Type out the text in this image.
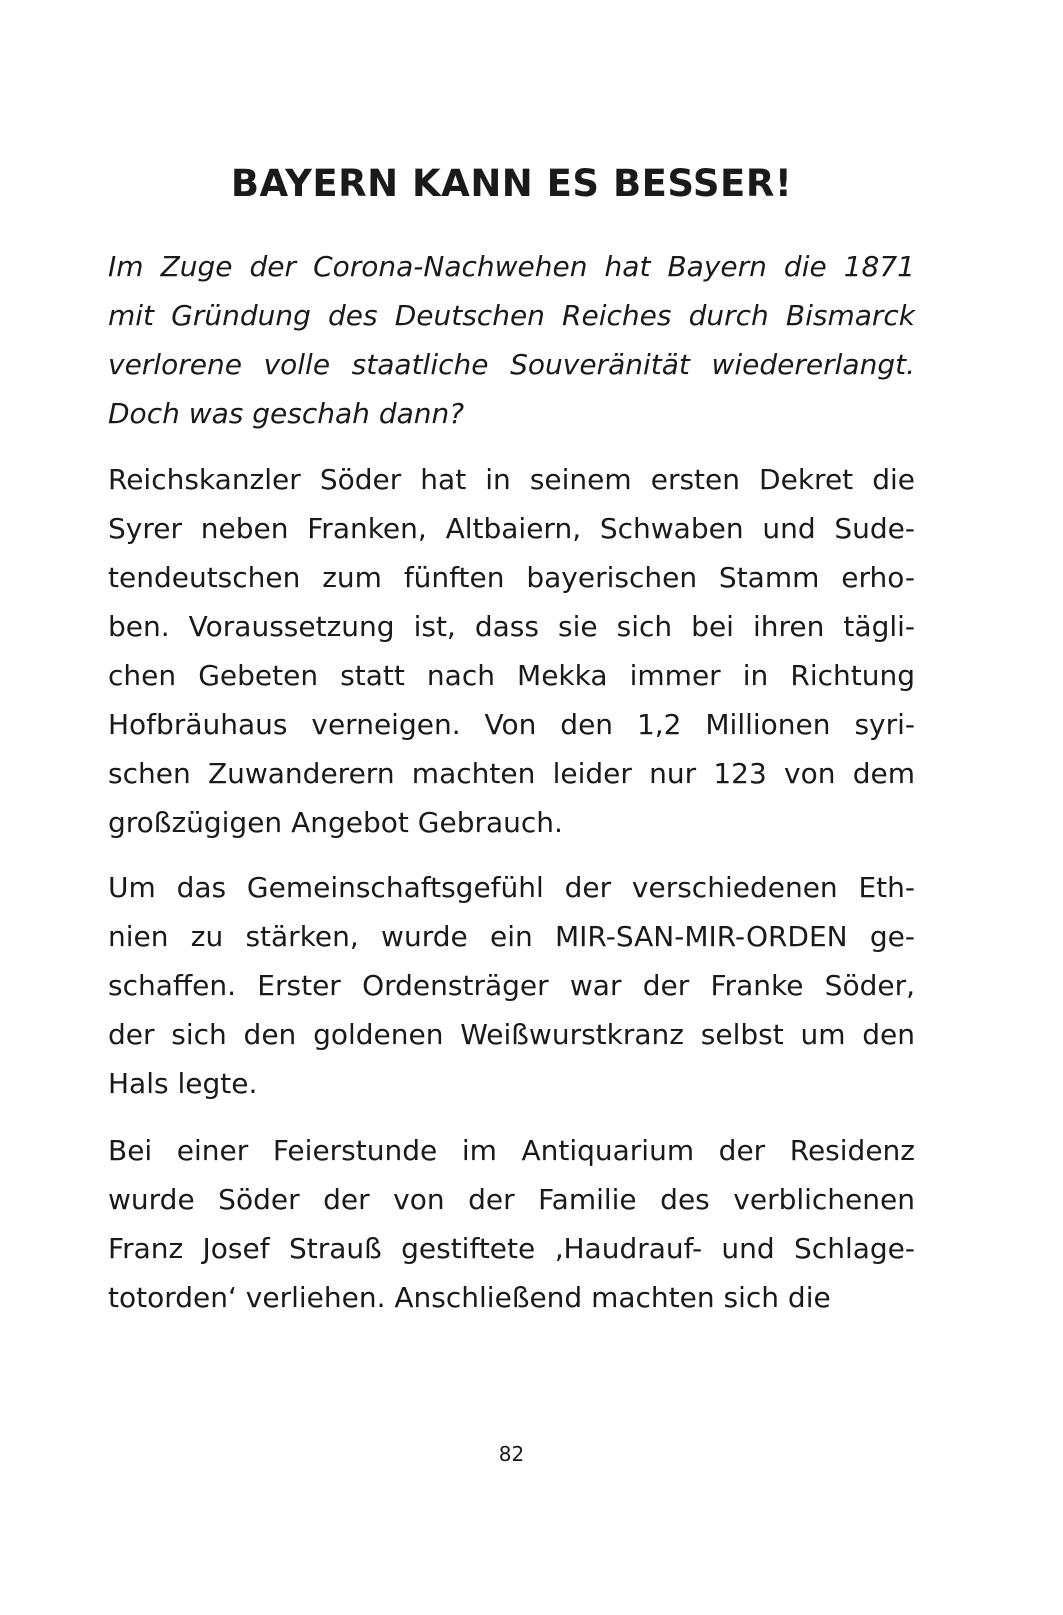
BAYERN KANN ES BESSER!
Im Zuge der Corona-Nachwehen hat Bayern die 1871
mit Gründung des Deutschen Reiches durch Bismarck
verlorene volle staatliche Souveränität wiedererlangt.
Doch was geschah dann?
Reichskanzler Söder hat in seinem ersten Dekret die
Syrer neben Franken, Altbaiern, Schwaben und Sude-
tendeutschen zum fünften bayerischen Stamm erho-
ben. Voraussetzung ist, dass sie sich bei ihren tägli-
chen Gebeten statt nach Mekka immer in Richtung
Hofbräuhaus verneigen. Von den 1,2 Millionen syri-
schen Zuwanderern machten leider nur 123 von dem
großzügigen Angebot Gebrauch.
Um das Gemeinschaftsgefühl der verschiedenen Eth-
nien zu stärken, wurde ein MIR-SAN-MIR-ORDEN ge-
schaffen. Erster Ordensträger war der Franke Söder,
der sich den goldenen Weißwurstkranz selbst um den
Hals legte.
Bei einer Feierstunde im Antiquarium der Residenz
wurde Söder der von der Familie des verblichenen
Franz Josef Strauß gestiftete ‚Haudrauf- und Schlage-
totorden‘ verliehen. Anschließend machten sich die
82
